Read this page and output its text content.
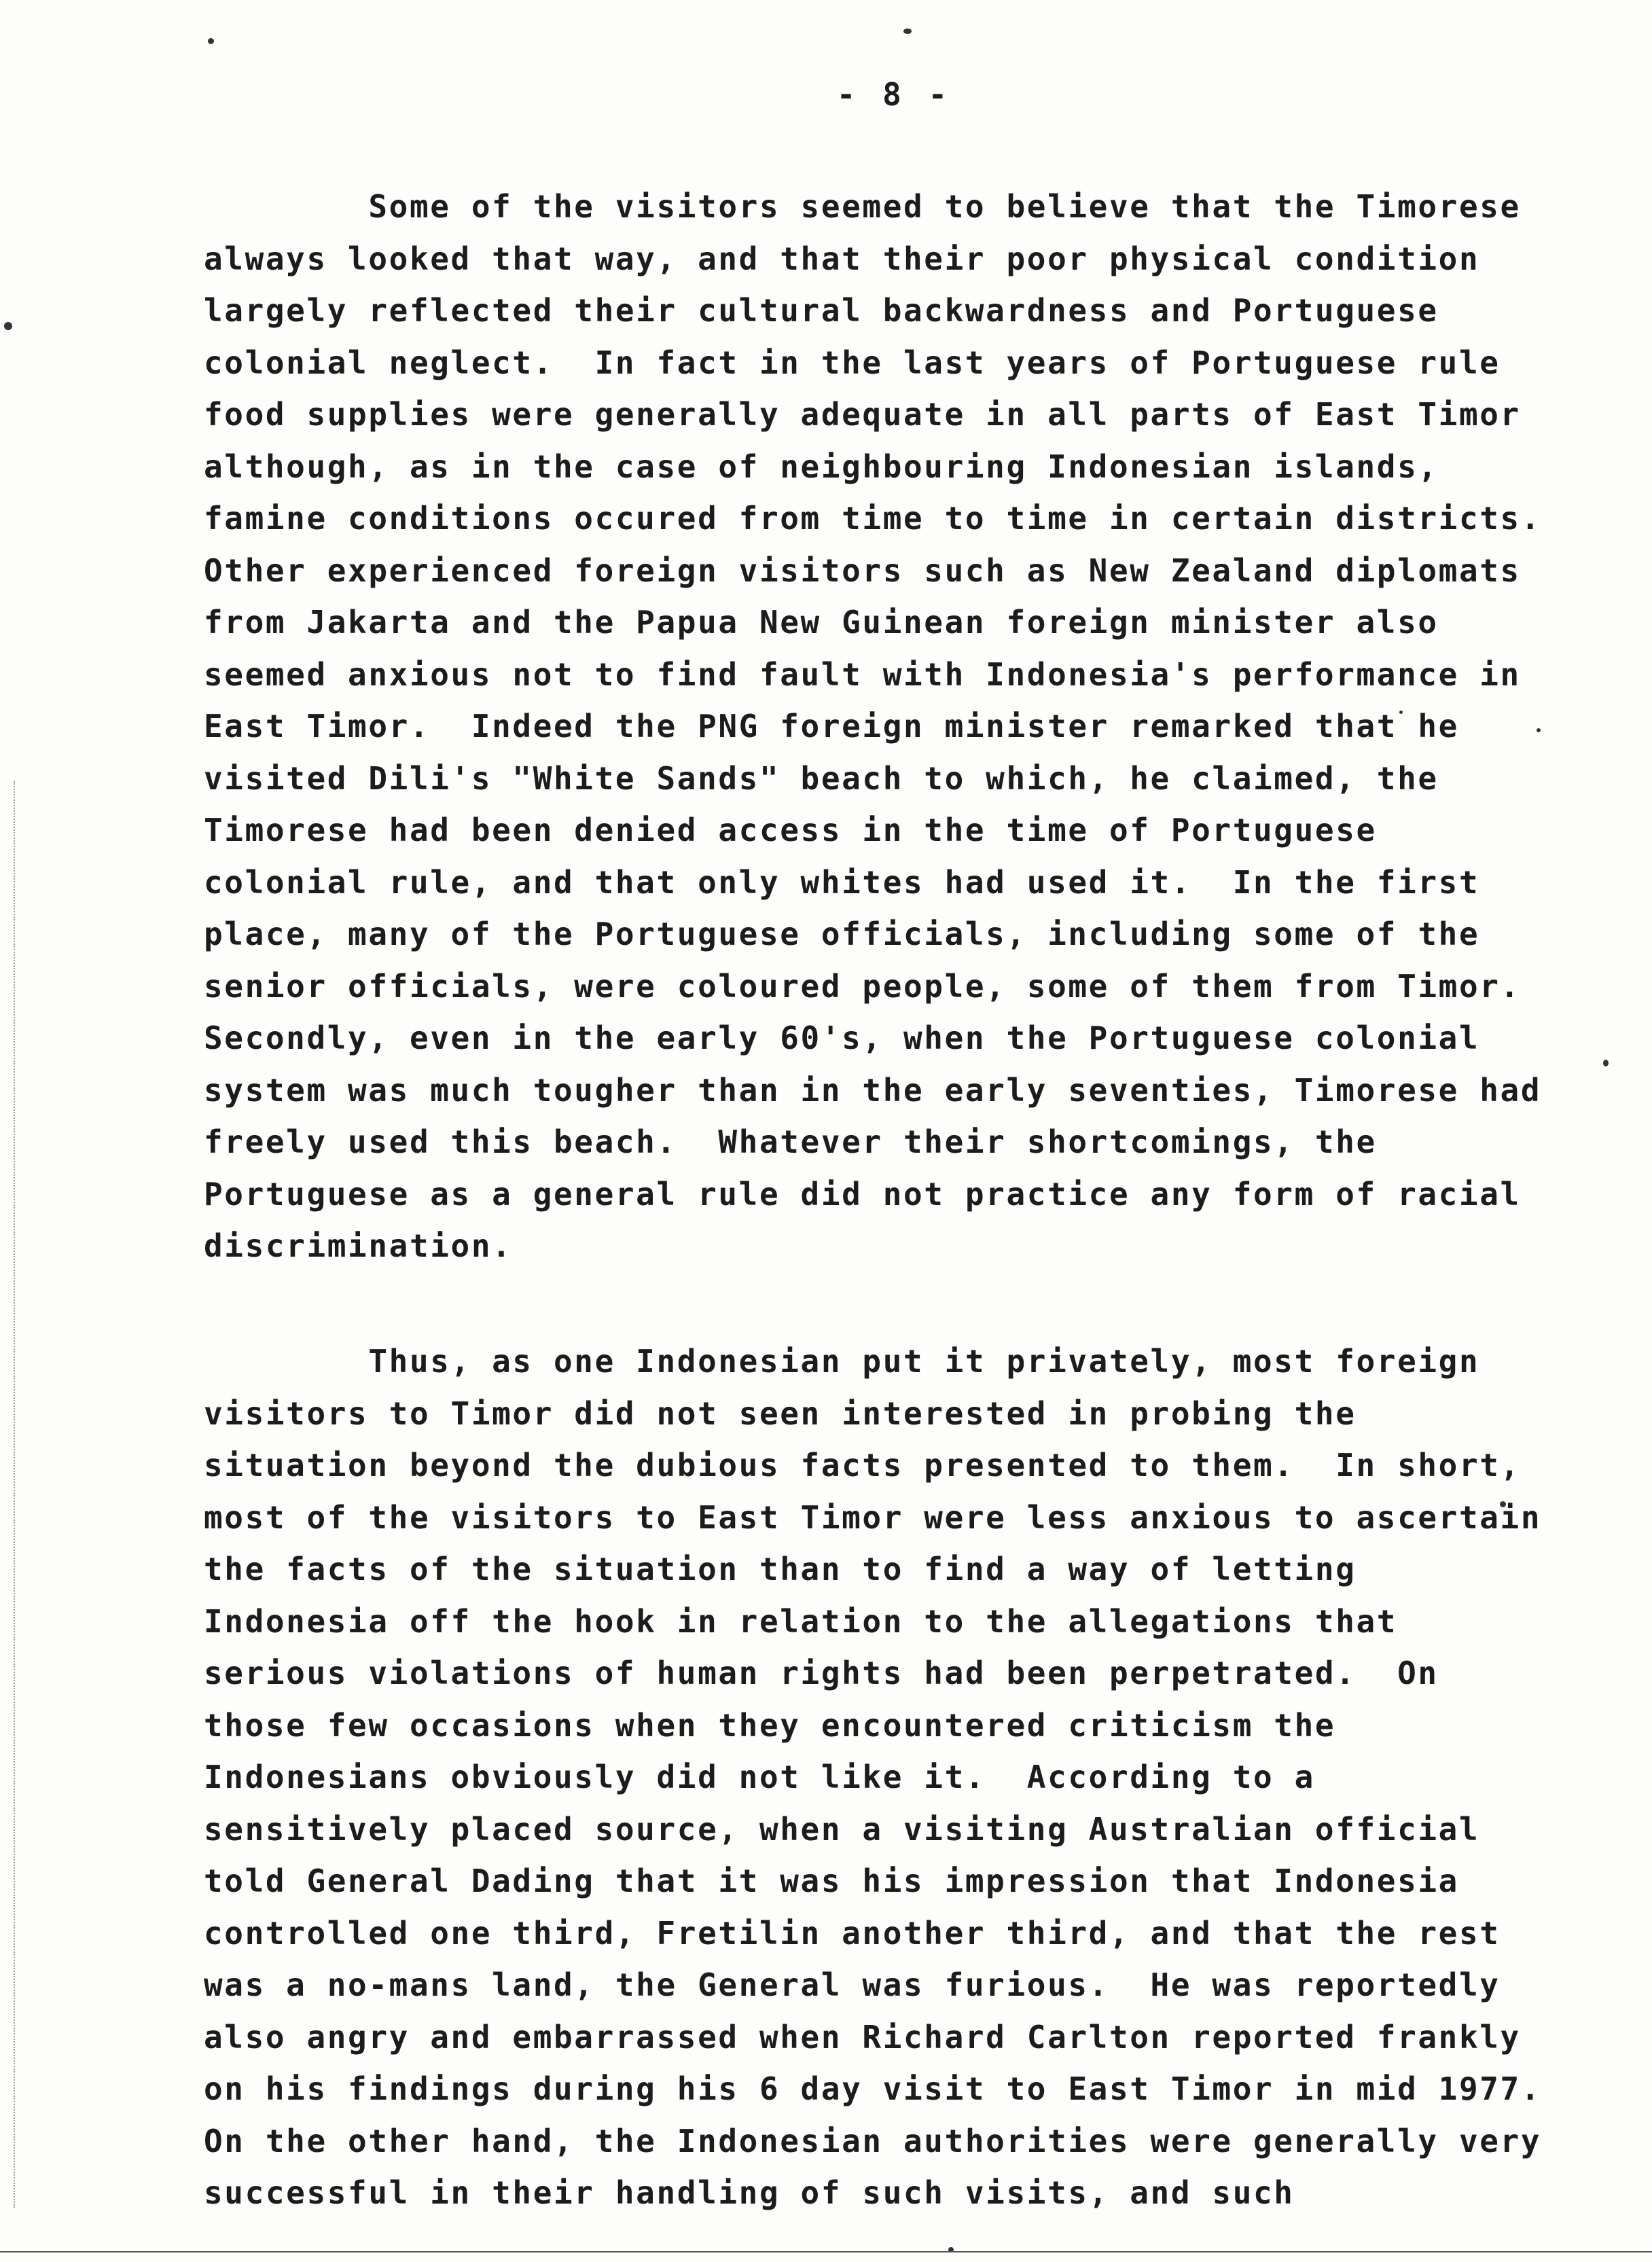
- 8 -
Some of the visitors seemed to believe that the Timorese
always looked that way, and that their poor physical condition
largely reflected their cultural backwardness and Portuguese
colonial neglect.  In fact in the last years of Portuguese rule
food supplies were generally adequate in all parts of East Timor
although, as in the case of neighbouring Indonesian islands,
famine conditions occured from time to time in certain districts.
Other experienced foreign visitors such as New Zealand diplomats
from Jakarta and the Papua New Guinean foreign minister also
seemed anxious not to find fault with Indonesia's performance in
East Timor.  Indeed the PNG foreign minister remarked that he
visited Dili's "White Sands" beach to which, he claimed, the
Timorese had been denied access in the time of Portuguese
colonial rule, and that only whites had used it.  In the first
place, many of the Portuguese officials, including some of the
senior officials, were coloured people, some of them from Timor.
Secondly, even in the early 60's, when the Portuguese colonial
system was much tougher than in the early seventies, Timorese had
freely used this beach.  Whatever their shortcomings, the
Portuguese as a general rule did not practice any form of racial
discrimination.
Thus, as one Indonesian put it privately, most foreign
visitors to Timor did not seen interested in probing the
situation beyond the dubious facts presented to them.  In short,
most of the visitors to East Timor were less anxious to ascertain
the facts of the situation than to find a way of letting
Indonesia off the hook in relation to the allegations that
serious violations of human rights had been perpetrated.  On
those few occasions when they encountered criticism the
Indonesians obviously did not like it.  According to a
sensitively placed source, when a visiting Australian official
told General Dading that it was his impression that Indonesia
controlled one third, Fretilin another third, and that the rest
was a no-mans land, the General was furious.  He was reportedly
also angry and embarrassed when Richard Carlton reported frankly
on his findings during his 6 day visit to East Timor in mid 1977.
On the other hand, the Indonesian authorities were generally very
successful in their handling of such visits, and such
